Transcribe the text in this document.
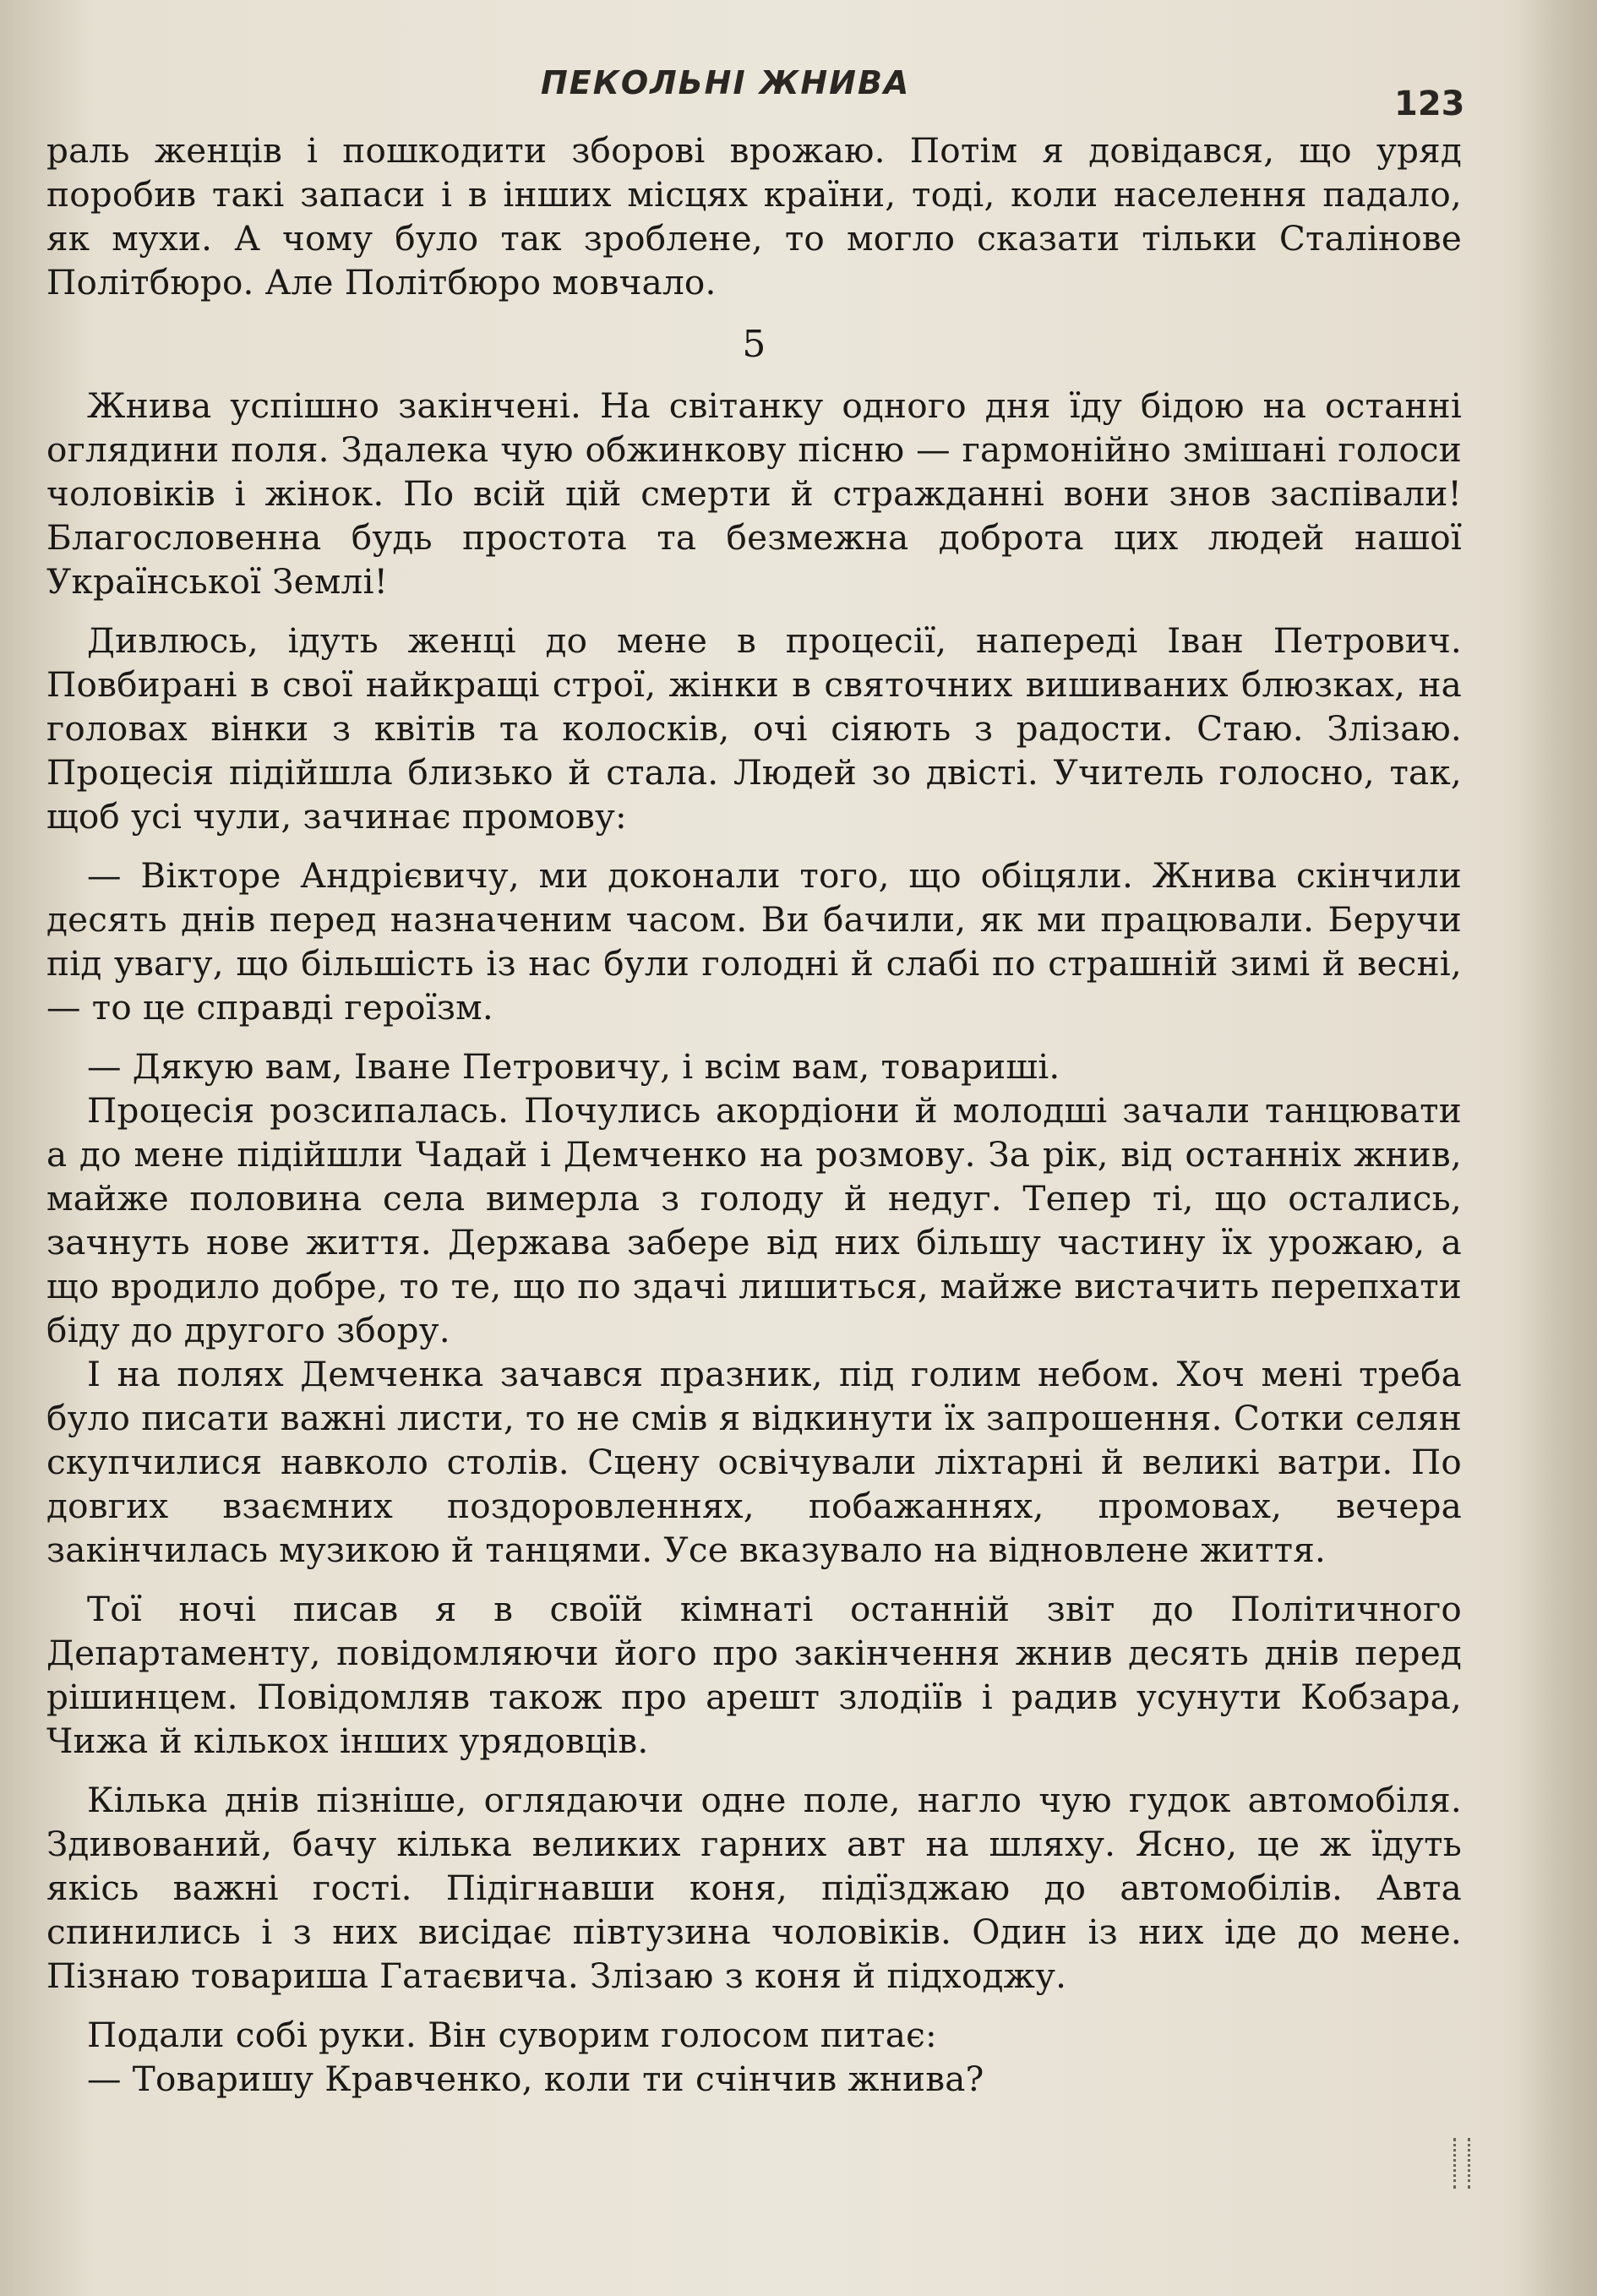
ПЕКОЛЬНІ ЖНИВА
123

раль женців і пошкодити зборові врожаю. Потім я довідався, що уряд поробив такі запаси і в інших місцях країни, тоді, коли населення падало, як мухи. А чому було так зроблене, то могло сказати тільки Сталінове Політбюро. Але Політбюро мовчало.

5

Жнива успішно закінчені. На світанку одного дня їду бідою на останні оглядини поля. Здалека чую обжинкову пісню — гармонійно змішані голоси чоловіків і жінок. По всій цій смерти й стражданні вони знов заспівали! Благословенна будь простота та безмежна доброта цих людей нашої Української Землі!

Дивлюсь, ідуть женці до мене в процесії, напереді Іван Петрович. Повбирані в свої найкращі строї, жінки в святочних вишиваних блюзках, на головах вінки з квітів та колосків, очі сіяють з радости. Стаю. Злізаю. Процесія підійшла близько й стала. Людей зо двісті. Учитель голосно, так, щоб усі чули, зачинає промову:

— Вікторе Андрієвичу, ми доконали того, що обіцяли. Жнива скінчили десять днів перед назначеним часом. Ви бачили, як ми працювали. Беручи під увагу, що більшість із нас були голодні й слабі по страшній зимі й весні, — то це справді героїзм.

— Дякую вам, Іване Петровичу, і всім вам, товариші.

Процесія розсипалась. Почулись акордіони й молодші зачали танцювати а до мене підійшли Чадай і Демченко на розмову. За рік, від останніх жнив, майже половина села вимерла з голоду й недуг. Тепер ті, що остались, зачнуть нове життя. Держава забере від них більшу частину їх урожаю, а що вродило добре, то те, що по здачі лишиться, майже вистачить перепхати біду до другого збору.

І на полях Демченка зачався празник, під голим небом. Хоч мені треба було писати важні листи, то не смів я відкинути їх запрошення. Сотки селян скупчилися навколо столів. Сцену освічували ліхтарні й великі ватри. По довгих взаємних поздоровленнях, побажаннях, промовах, вечера закінчилась музикою й танцями. Усе вказувало на відновлене життя.

Тої ночі писав я в своїй кімнаті останній звіт до Політичного Департаменту, повідомляючи його про закінчення жнив десять днів перед рішинцем. Повідомляв також про арешт злодіїв і радив усунути Кобзара, Чижа й кількох інших урядовців.

Кілька днів пізніше, оглядаючи одне поле, нагло чую гудок автомобіля. Здивований, бачу кілька великих гарних авт на шляху. Ясно, це ж їдуть якісь важні гості. Підігнавши коня, підїзджаю до автомобілів. Авта спинились і з них висідає півтузина чоловіків. Один із них іде до мене. Пізнаю товариша Гатаєвича. Злізаю з коня й підходжу.

Подали собі руки. Він суворим голосом питає:

— Товаришу Кравченко, коли ти счінчив жнива?
